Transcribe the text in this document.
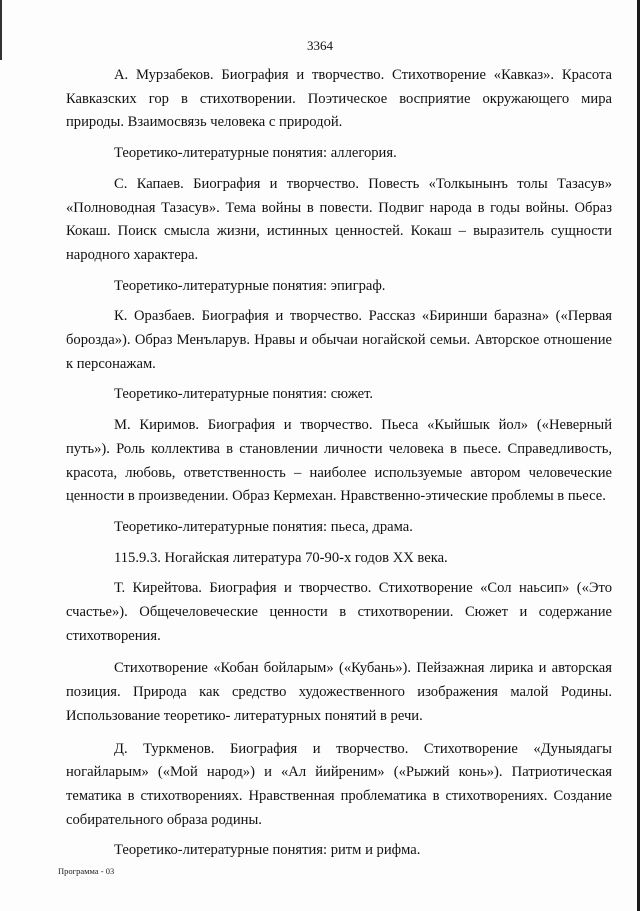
3364

А. Мурзабеков. Биография и творчество. Стихотворение «Кавказ». Красота Кавказских гор в стихотворении. Поэтическое восприятие окружающего мира природы. Взаимосвязь человека с природой.

Теоретико-литературные понятия: аллегория.

С. Капаев. Биография и творчество. Повесть «Толкынынъ толы Тазасув» «Полноводная Тазасув». Тема войны в повести. Подвиг народа в годы войны. Образ Кокаш. Поиск смысла жизни, истинных ценностей. Кокаш – выразитель сущности народного характера.

Теоретико-литературные понятия: эпиграф.

К. Оразбаев. Биография и творчество. Рассказ «Биринши баразна» («Первая борозда»). Образ Менъларув. Нравы и обычаи ногайской семьи. Авторское отношение к персонажам.

Теоретико-литературные понятия: сюжет.

М. Киримов. Биография и творчество. Пьеса «Кыйшык йол» («Неверный путь»). Роль коллектива в становлении личности человека в пьесе. Справедливость, красота, любовь, ответственность – наиболее используемые автором человеческие ценности в произведении. Образ Кермехан. Нравственно-этические проблемы в пьесе.

Теоретико-литературные понятия: пьеса, драма.

115.9.3. Ногайская литература 70-90-х годов XX века.

Т. Кирейтова. Биография и творчество. Стихотворение «Сол наьсип» («Это счастье»). Общечеловеческие ценности в стихотворении. Сюжет и содержание стихотворения.

Стихотворение «Кобан бойларым» («Кубань»). Пейзажная лирика и авторская позиция. Природа как средство художественного изображения малой Родины. Использование теоретико- литературных понятий в речи.

Д. Туркменов. Биография и творчество. Стихотворение «Дуныядагы ногайларым» («Мой народ») и «Ал йийреним» («Рыжий конь»). Патриотическая тематика в стихотворениях. Нравственная проблематика в стихотворениях. Создание собирательного образа родины.

Теоретико-литературные понятия: ритм и рифма.

Программа - 03
